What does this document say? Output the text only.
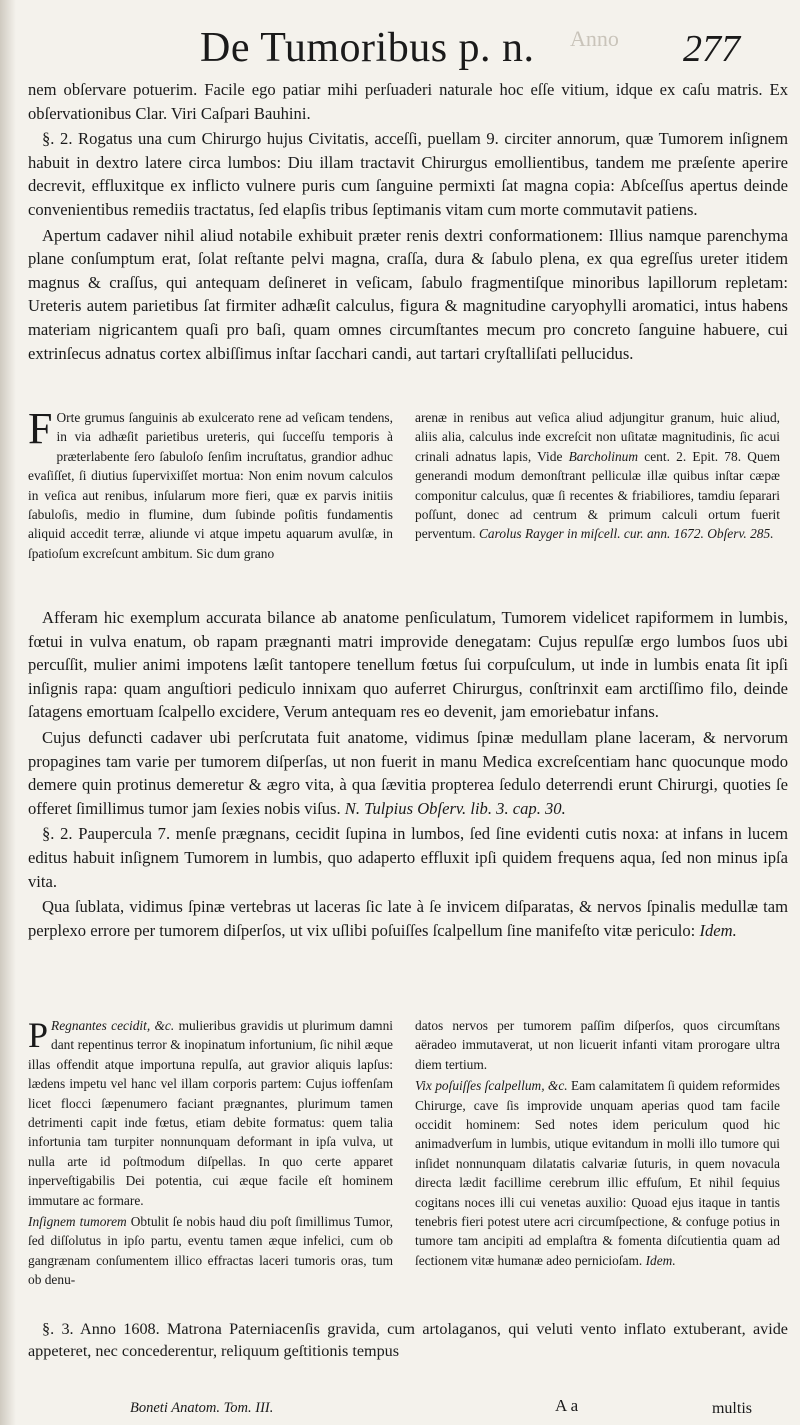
De Tumoribus p. n. Anno 277

nem obſervare potuerim. Facile ego patiar mihi perſuaderi naturale hoc eſſe vitium, idque ex caſu matris. Ex obſervationibus Clar. Viri Caſpari Bauhini.

§. 2. Rogatus una cum Chirurgo hujus Civitatis, acceſſi, puellam 9. circiter annorum, quæ Tumorem inſignem habuit in dextro latere circa lumbos: Diu illam tractavit Chirurgus emollientibus, tandem me præſente aperire decrevit, effluxitque ex inflicto vulnere puris cum ſanguine permixti ſat magna copia: Abſceſſus apertus deinde convenientibus remediis tractatus, ſed elapſis tribus ſeptimanis vitam cum morte commutavit patiens.

Apertum cadaver nihil aliud notabile exhibuit præter renis dextri conformationem: Illius namque parenchyma plane conſumptum erat, ſolat reſtante pelvi magna, craſſa, dura & ſabulo plena, ex qua egreſſus ureter itidem magnus & craſſus, qui antequam deſineret in veſicam, ſabulo fragmentiſque minoribus lapillorum repletam: Ureteris autem parietibus ſat firmiter adhæſit calculus, figura & magnitudine caryophylli aromatici, intus habens materiam nigricantem quaſi pro baſi, quam omnes circumſtantes mecum pro concreto ſanguine habuere, cui extrinſecus adnatus cortex albiſſimus inſtar ſacchari candi, aut tartari cryſtalliſati pellucidus.

F Orte grumus ſanguinis ab exulcerato rene ad veſicam tendens, in via adhæſit parietibus ureteris, qui ſucceſſu temporis à præterlabente ſero ſabuloſo ſenſim incruſtatus, grandior adhuc evaſiſſet, ſi diutius ſupervixiſſet mortua: Non enim novum calculos in veſica aut renibus, inſularum more fieri, quæ ex parvis initiis ſabuloſis, medio in flumine, dum ſubinde poſitis fundamentis aliquid accedit terræ, aliunde vi atque impetu aquarum avulſæ, in ſpatioſum excreſcunt ambitum. Sic dum grano

arenæ in renibus aut veſica aliud adjungitur granum, huic aliud, aliis alia, calculus inde excreſcit non uſitatæ magnitudinis, ſic acui crinali adnatus lapis, Vide Barcholinum cent. 2. Epit. 78. Quem generandi modum demonſtrant pelliculæ illæ quibus inſtar cæpæ componitur calculus, quæ ſi recentes & friabiliores, tamdiu ſeparari poſſunt, donec ad centrum & primum calculi ortum fuerit perventum. Carolus Rayger in miſcell. cur. ann. 1672. Obſerv. 285.

Afferam hic exemplum accurata bilance ab anatome penſiculatum, Tumorem videlicet rapiformem in lumbis, fœtui in vulva enatum, ob rapam prægnanti matri improvide denegatam: Cujus repulſæ ergo lumbos ſuos ubi percuſſit, mulier animi impotens læſit tantopere tenellum fœtus ſui corpuſculum, ut inde in lumbis enata ſit ipſi inſignis rapa: quam anguſtiori pediculo innixam quo auferret Chirurgus, conſtrinxit eam arctiſſimo filo, deinde ſatagens emortuam ſcalpello excidere, Verum antequam res eo devenit, jam emoriebatur infans.

Cujus defuncti cadaver ubi perſcrutata fuit anatome, vidimus ſpinæ medullam plane laceram, & nervorum propagines tam varie per tumorem diſperſas, ut non fuerit in manu Medica excreſcentiam hanc quocunque modo demere quin protinus demeretur & ægro vita, à qua ſævitia propterea ſedulo deterrendi erunt Chirurgi, quoties ſe offeret ſimillimus tumor jam ſexies nobis viſus. N. Tulpius Obſerv. lib. 3. cap. 30.

§. 2. Paupercula 7. menſe prægnans, cecidit ſupina in lumbos, ſed ſine evidenti cutis noxa: at infans in lucem editus habuit inſignem Tumorem in lumbis, quo adaperto effluxit ipſi quidem frequens aqua, ſed non minus ipſa vita.

Qua ſublata, vidimus ſpinæ vertebras ut laceras ſic late à ſe invicem diſparatas, & nervos ſpinalis medullæ tam perplexo errore per tumorem diſperſos, ut vix uſlibi poſuiſſes ſcalpellum ſine manifeſto vitæ periculo: Idem.

P Regnantes cecidit, &c. mulieribus gravidis ut plurimum damni dant repentinus terror & inopinatum infortunium, ſic nihil æque illas offendit atque importuna repulſa, aut gravior aliquis lapſus: lædens impetu vel hanc vel illam corporis partem: Cujus ioffenſam licet flocci ſæpenumero faciant prægnantes, plurimum tamen detrimenti capit inde fœtus, etiam debite formatus: quem talia infortunia tam turpiter nonnunquam deformant in ipſa vulva, ut nulla arte id poſtmodum diſpellas. In quo certe apparet inperveſtigabilis Dei potentia, cui æque facile eſt hominem immutare ac formare.

Inſignem tumorem Obtulit ſe nobis haud diu poſt ſimillimus Tumor, ſed diſſolutus in ipſo partu, eventu tamen æque infelici, cum ob gangrænam conſumentem illico effractas laceri tumoris oras, tum ob denu-

datos nervos per tumorem paſſim diſperſos, quos circumſtans aëradeo immutaverat, ut non licuerit infanti vitam prorogare ultra diem tertium.

Vix poſuiſſes ſcalpellum, &c. Eam calamitatem ſi quidem reformides Chirurge, cave ſis improvide unquam aperias quod tam facile occidit hominem: Sed notes idem periculum quod hic animadverſum in lumbis, utique evitandum in molli illo tumore qui inſidet nonnunquam dilatatis calvariæ ſuturis, in quem novacula directa lædit facillime cerebrum illic effuſum, Et nihil ſequius cogitans noces illi cui venetas auxilio: Quoad ejus itaque in tantis tenebris fieri potest utere acri circumſpectione, & confuge potius in tumore tam ancipiti ad emplaſtra & fomenta diſcutientia quam ad ſectionem vitæ humanæ adeo pernicioſam. Idem.

§. 3. Anno 1608. Matrona Paterniacenſis gravida, cum artolaganos, qui veluti vento inflato extuberant, avide appeteret, nec concederentur, reliquum geſtitionis tempus

Boneti Anatom. Tom. III.	A a	multis
